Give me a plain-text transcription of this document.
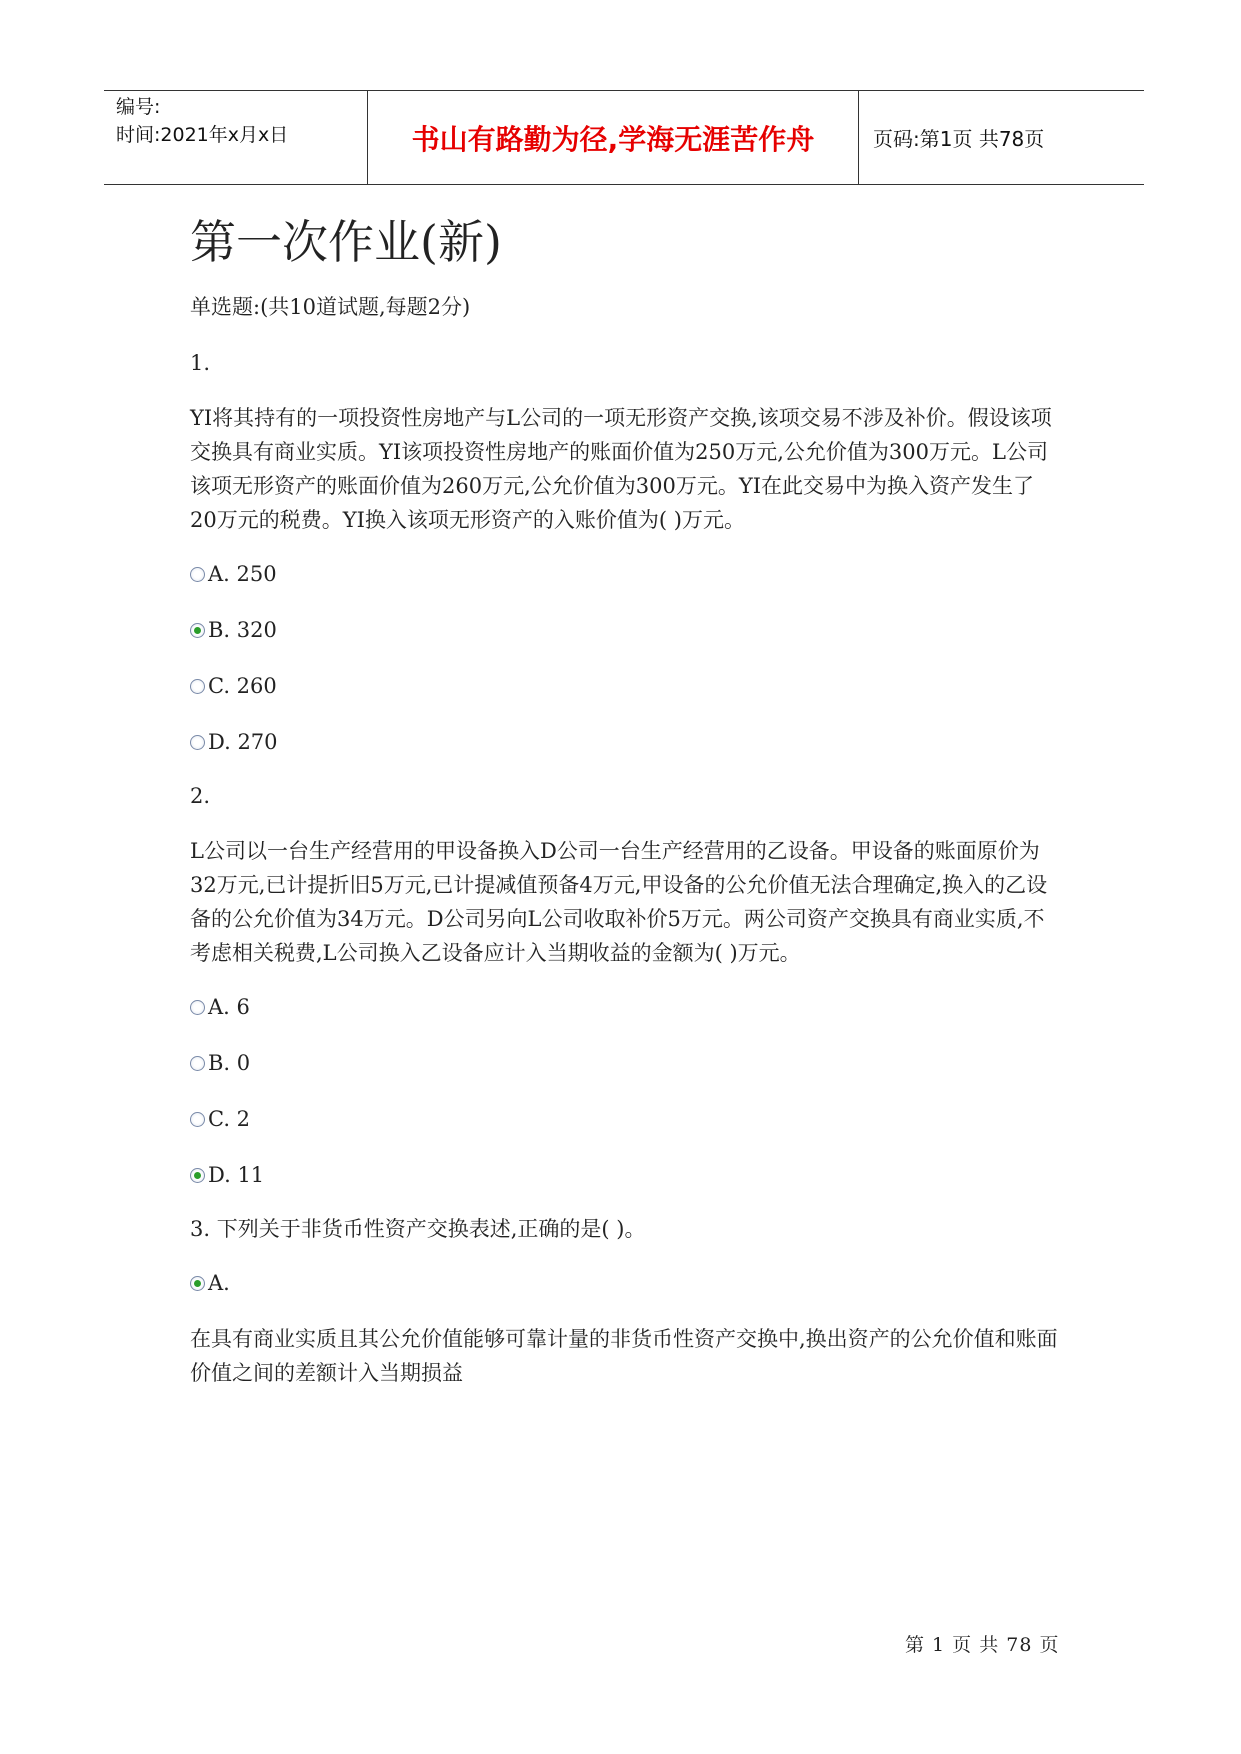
编号:
时间:2021年x月x日	书山有路勤为径,学海无涯苦作舟	页码:第1页 共78页
第一次作业(新)

单选题:(共10道试题,每题2分)

1.

YI将其持有的一项投资性房地产与L公司的一项无形资产交换,该项交易不涉及补价。假设该项交换具有商业实质。YI该项投资性房地产的账面价值为250万元,公允价值为300万元。L公司该项无形资产的账面价值为260万元,公允价值为300万元。YI在此交易中为换入资产发生了20万元的税费。YI换入该项无形资产的入账价值为( )万元。

A. 250
B. 320
C. 260
D. 270

2.

L公司以一台生产经营用的甲设备换入D公司一台生产经营用的乙设备。甲设备的账面原价为32万元,已计提折旧5万元,已计提减值预备4万元,甲设备的公允价值无法合理确定,换入的乙设备的公允价值为34万元。D公司另向L公司收取补价5万元。两公司资产交换具有商业实质,不考虑相关税费,L公司换入乙设备应计入当期收益的金额为( )万元。

A. 6
B. 0
C. 2
D. 11

3. 下列关于非货币性资产交换表述,正确的是( )。

A.

在具有商业实质且其公允价值能够可靠计量的非货币性资产交换中,换出资产的公允价值和账面价值之间的差额计入当期损益

第 1 页 共 78 页
